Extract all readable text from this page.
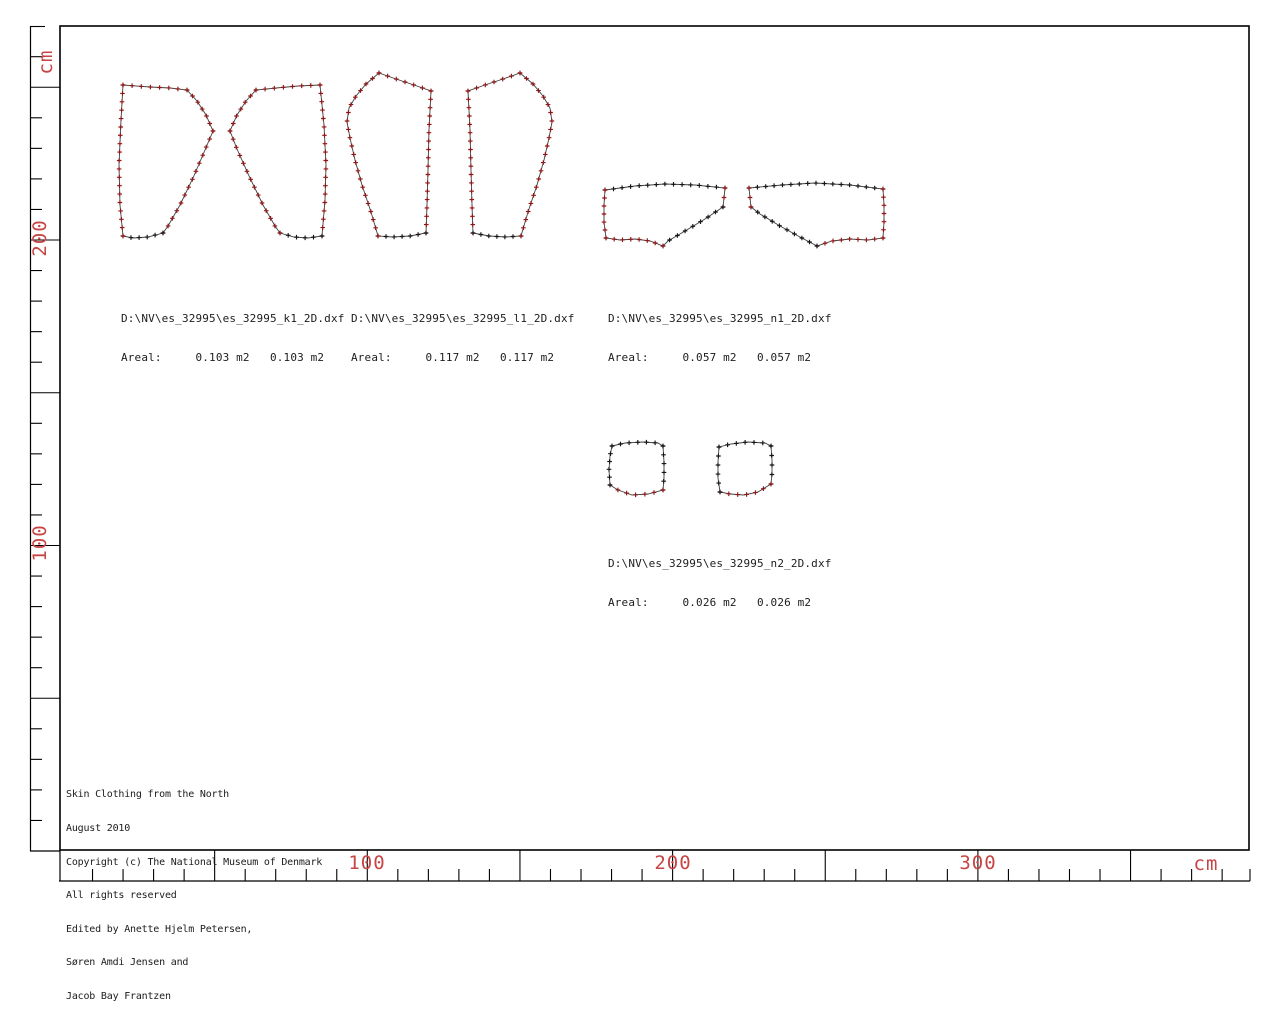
cm
200
100
100	200	300	cm

D:\NV\es_32995\es_32995_k1_2D.dxf

Areal:     0.103 m2   0.103 m2

D:\NV\es_32995\es_32995_l1_2D.dxf

Areal:     0.117 m2   0.117 m2

D:\NV\es_32995\es_32995_n1_2D.dxf

Areal:     0.057 m2   0.057 m2

D:\NV\es_32995\es_32995_n2_2D.dxf

Areal:     0.026 m2   0.026 m2

Skin Clothing from the North

August 2010

Copyright (c) The National Museum of Denmark

All rights reserved

Edited by Anette Hjelm Petersen,

Søren Amdi Jensen and

Jacob Bay Frantzen
